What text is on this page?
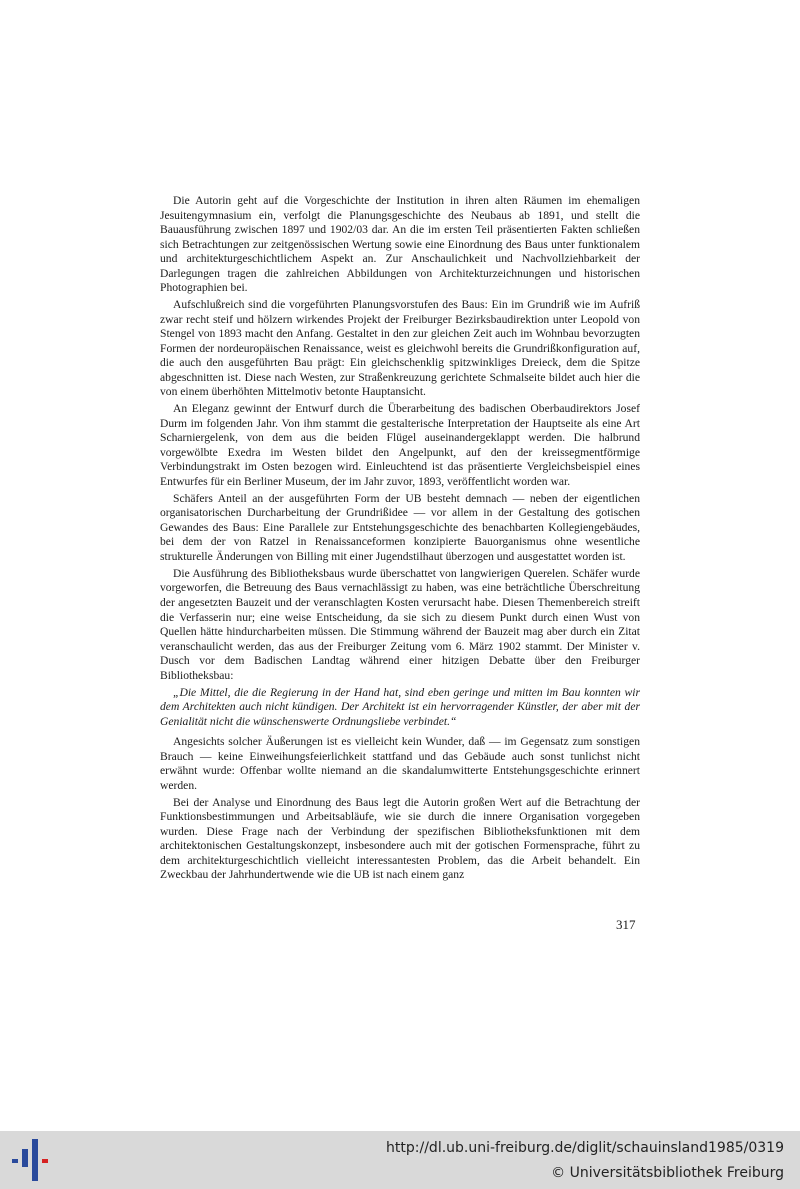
Die Autorin geht auf die Vorgeschichte der Institution in ihren alten Räumen im ehemaligen Jesuitengymnasium ein, verfolgt die Planungsgeschichte des Neubaus ab 1891, und stellt die Bauausführung zwischen 1897 und 1902/03 dar. An die im ersten Teil präsentierten Fakten schließen sich Betrachtungen zur zeitgenössischen Wertung sowie eine Einordnung des Baus unter funktionalem und architekturgeschichtlichem Aspekt an. Zur Anschaulichkeit und Nachvollziehbarkeit der Darlegungen tragen die zahlreichen Abbildungen von Architekturzeichnungen und historischen Photographien bei.

Aufschlußreich sind die vorgeführten Planungsvorstufen des Baus: Ein im Grundriß wie im Aufriß zwar recht steif und hölzern wirkendes Projekt der Freiburger Bezirksbaudirektion unter Leopold von Stengel von 1893 macht den Anfang. Gestaltet in den zur gleichen Zeit auch im Wohnbau bevorzugten Formen der nordeuropäischen Renaissance, weist es gleichwohl bereits die Grundrißkonfiguration auf, die auch den ausgeführten Bau prägt: Ein gleichschenklig spitzwinkliges Dreieck, dem die Spitze abgeschnitten ist. Diese nach Westen, zur Straßenkreuzung gerichtete Schmalseite bildet auch hier die von einem überhöhten Mittelmotiv betonte Hauptansicht.

An Eleganz gewinnt der Entwurf durch die Überarbeitung des badischen Oberbaudirektors Josef Durm im folgenden Jahr. Von ihm stammt die gestalterische Interpretation der Hauptseite als eine Art Scharniergelenk, von dem aus die beiden Flügel auseinandergeklappt werden. Die halbrund vorgewölbte Exedra im Westen bildet den Angelpunkt, auf den der kreissegmentförmige Verbindungstrakt im Osten bezogen wird. Einleuchtend ist das präsentierte Vergleichsbeispiel eines Entwurfes für ein Berliner Museum, der im Jahr zuvor, 1893, veröffentlicht worden war.

Schäfers Anteil an der ausgeführten Form der UB besteht demnach — neben der eigentlichen organisatorischen Durcharbeitung der Grundrißidee — vor allem in der Gestaltung des gotischen Gewandes des Baus: Eine Parallele zur Entstehungsgeschichte des benachbarten Kollegiengebäudes, bei dem der von Ratzel in Renaissanceformen konzipierte Bauorganismus ohne wesentliche strukturelle Änderungen von Billing mit einer Jugendstilhaut überzogen und ausgestattet worden ist.

Die Ausführung des Bibliotheksbaus wurde überschattet von langwierigen Querelen. Schäfer wurde vorgeworfen, die Betreuung des Baus vernachlässigt zu haben, was eine beträchtliche Überschreitung der angesetzten Bauzeit und der veranschlagten Kosten verursacht habe. Diesen Themenbereich streift die Verfasserin nur; eine weise Entscheidung, da sie sich zu diesem Punkt durch einen Wust von Quellen hätte hindurcharbeiten müssen. Die Stimmung während der Bauzeit mag aber durch ein Zitat veranschaulicht werden, das aus der Freiburger Zeitung vom 6. März 1902 stammt. Der Minister v. Dusch vor dem Badischen Landtag während einer hitzigen Debatte über den Freiburger Bibliotheksbau:

„Die Mittel, die die Regierung in der Hand hat, sind eben geringe und mitten im Bau konnten wir dem Architekten auch nicht kündigen. Der Architekt ist ein hervorragender Künstler, der aber mit der Genialität nicht die wünschenswerte Ordnungsliebe verbindet.“

Angesichts solcher Äußerungen ist es vielleicht kein Wunder, daß — im Gegensatz zum sonstigen Brauch — keine Einweihungsfeierlichkeit stattfand und das Gebäude auch sonst tunlichst nicht erwähnt wurde: Offenbar wollte niemand an die skandalumwitterte Entstehungsgeschichte erinnert werden.

Bei der Analyse und Einordnung des Baus legt die Autorin großen Wert auf die Betrachtung der Funktionsbestimmungen und Arbeitsabläufe, wie sie durch die innere Organisation vorgegeben wurden. Diese Frage nach der Verbindung der spezifischen Bibliotheksfunktionen mit dem architektonischen Gestaltungskonzept, insbesondere auch mit der gotischen Formensprache, führt zu dem architekturgeschichtlich vielleicht interessantesten Problem, das die Arbeit behandelt. Ein Zweckbau der Jahrhundertwende wie die UB ist nach einem ganz

317
http://dl.ub.uni-freiburg.de/diglit/schauinsland1985/0319
© Universitätsbibliothek Freiburg
